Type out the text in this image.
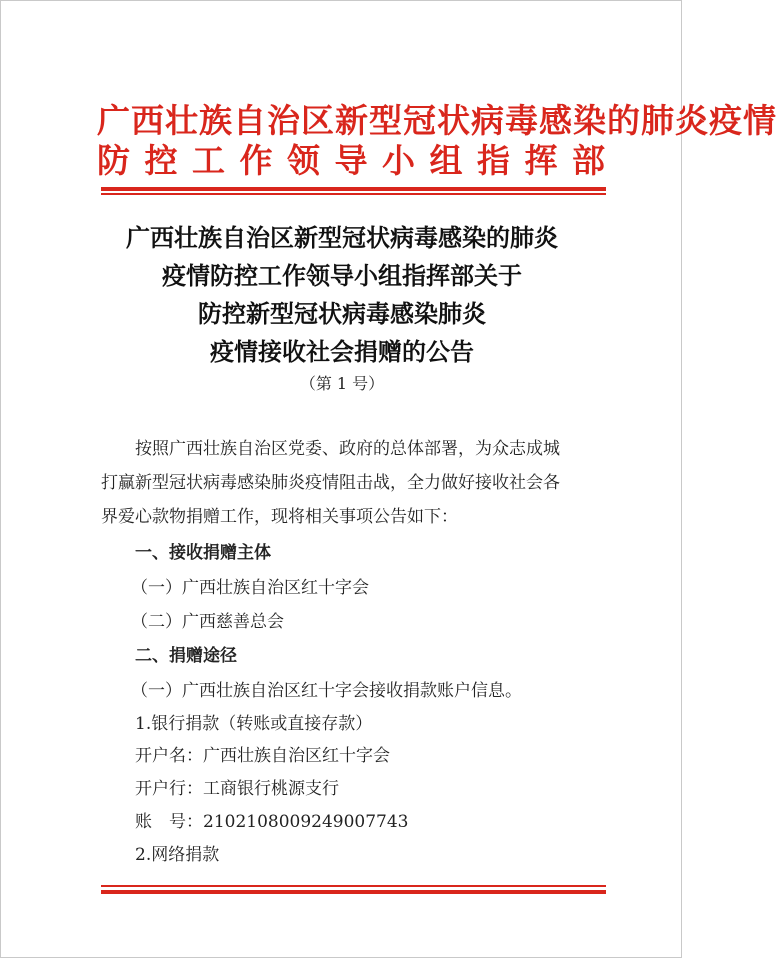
广西壮族自治区新型冠状病毒感染的肺炎疫情
防 控 工 作 领 导 小 组 指 挥 部
广西壮族自治区新型冠状病毒感染的肺炎
疫情防控工作领导小组指挥部关于
防控新型冠状病毒感染肺炎
疫情接收社会捐赠的公告
（第 1 号）
按照广西壮族自治区党委、政府的总体部署，为众志成城
打赢新型冠状病毒感染肺炎疫情阻击战，全力做好接收社会各
界爱心款物捐赠工作，现将相关事项公告如下：
一、接收捐赠主体
（一）广西壮族自治区红十字会
（二）广西慈善总会
二、捐赠途径
（一）广西壮族自治区红十字会接收捐款账户信息。
1.银行捐款（转账或直接存款）
开户名：广西壮族自治区红十字会
开户行：工商银行桃源支行
账　号：2102108009249007743
2.网络捐款
